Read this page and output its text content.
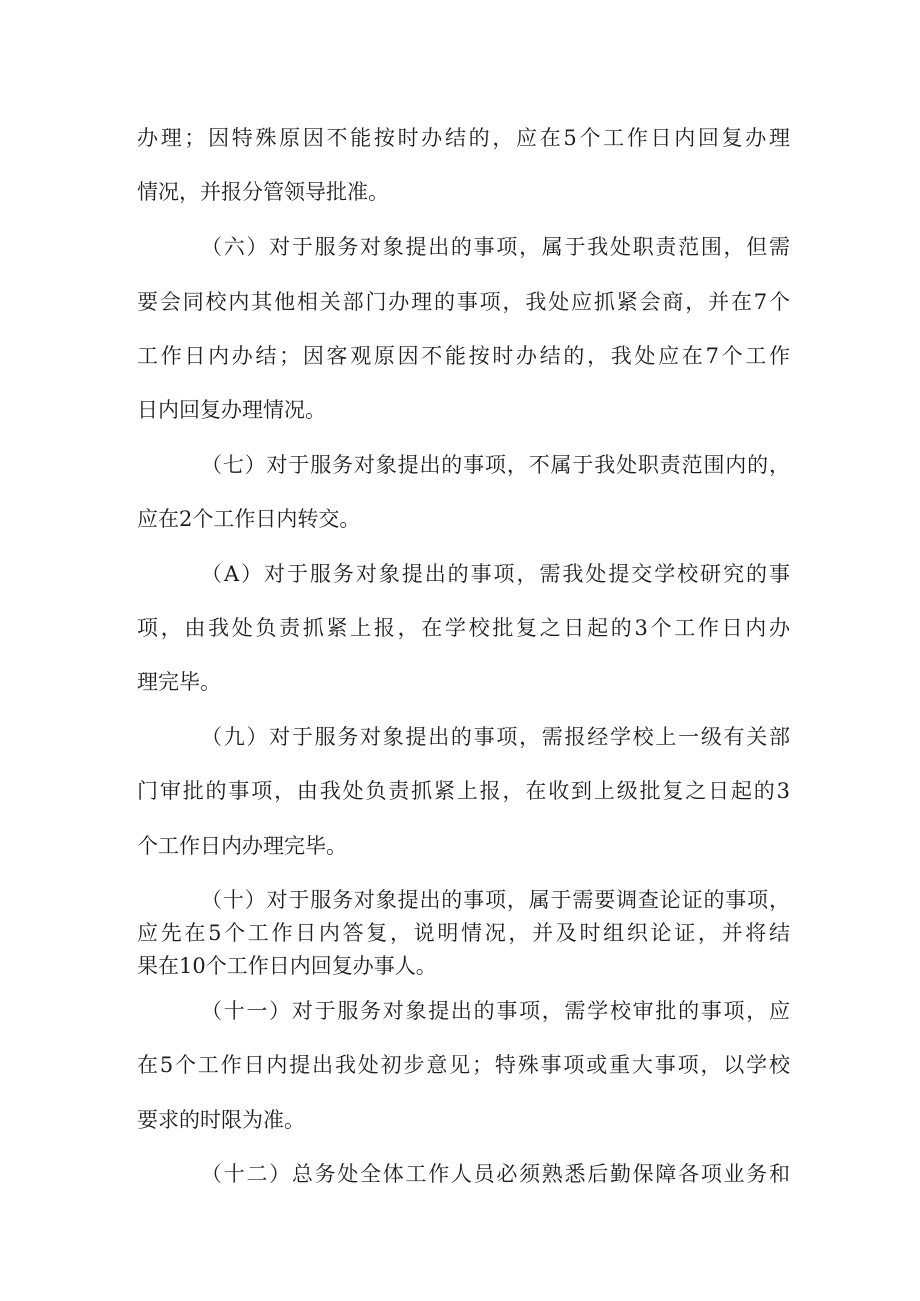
办理；因特殊原因不能按时办结的，应在5个工作日内回复办理
情况，并报分管领导批准。
（六）对于服务对象提出的事项，属于我处职责范围，但需
要会同校内其他相关部门办理的事项，我处应抓紧会商，并在7个
工作日内办结；因客观原因不能按时办结的，我处应在7个工作
日内回复办理情况。
（七）对于服务对象提出的事项，不属于我处职责范围内的，
应在2个工作日内转交。
（A）对于服务对象提出的事项，需我处提交学校研究的事
项，由我处负责抓紧上报，在学校批复之日起的3个工作日内办
理完毕。
（九）对于服务对象提出的事项，需报经学校上一级有关部
门审批的事项，由我处负责抓紧上报，在收到上级批复之日起的3
个工作日内办理完毕。
（十）对于服务对象提出的事项，属于需要调查论证的事项，
应先在5个工作日内答复，说明情况，并及时组织论证，并将结
果在10个工作日内回复办事人。
（十一）对于服务对象提出的事项，需学校审批的事项，应
在5个工作日内提出我处初步意见；特殊事项或重大事项，以学校
要求的时限为准。
（十二）总务处全体工作人员必须熟悉后勤保障各项业务和
